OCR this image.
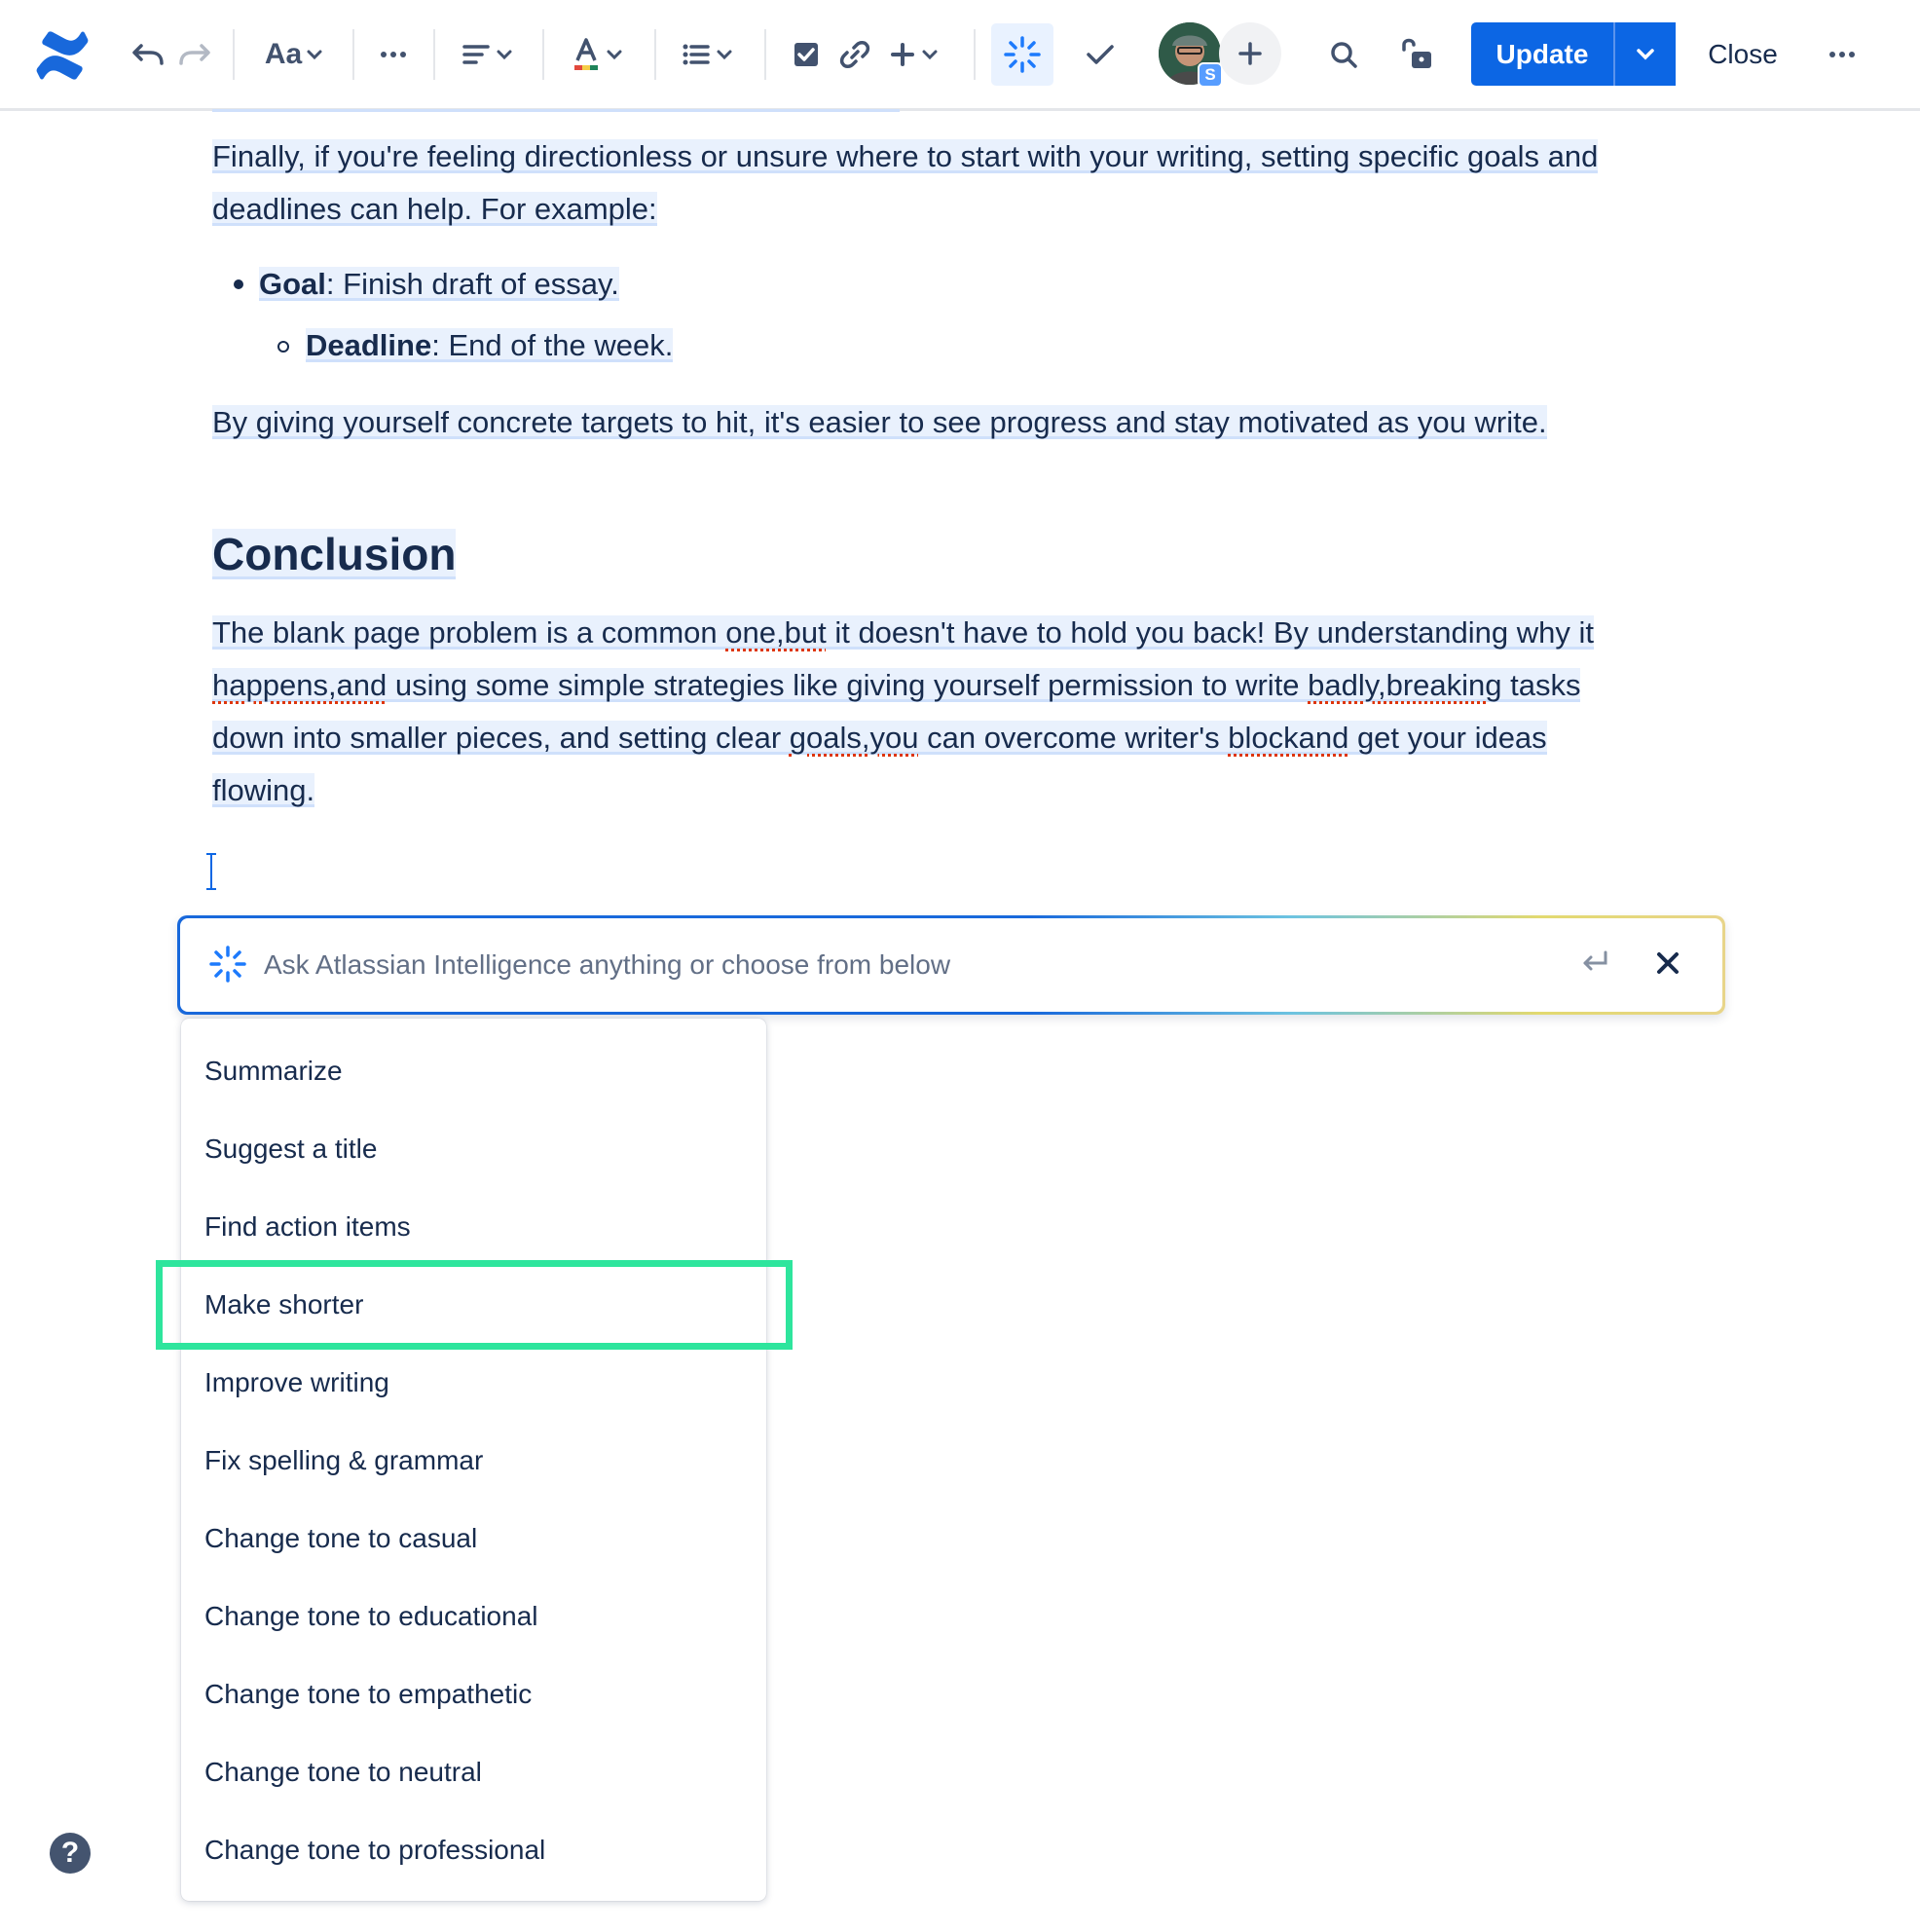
Aa
S
Update	Close
Finally, if you're feeling directionless or unsure where to start with your writing, setting specific goals and
deadlines can help. For example:
Goal: Finish draft of essay.
Deadline: End of the week.
By giving yourself concrete targets to hit, it's easier to see progress and stay motivated as you write.
Conclusion
The blank page problem is a common one,but it doesn't have to hold you back! By understanding why it
happens,and using some simple strategies like giving yourself permission to write badly,breaking tasks
down into smaller pieces, and setting clear goals,you can overcome writer's blockand get your ideas
flowing.
Ask Atlassian Intelligence anything or choose from below
Summarize
Suggest a title
Find action items
Make shorter
Improve writing
Fix spelling & grammar
Change tone to casual
Change tone to educational
Change tone to empathetic
Change tone to neutral
Change tone to professional
?
